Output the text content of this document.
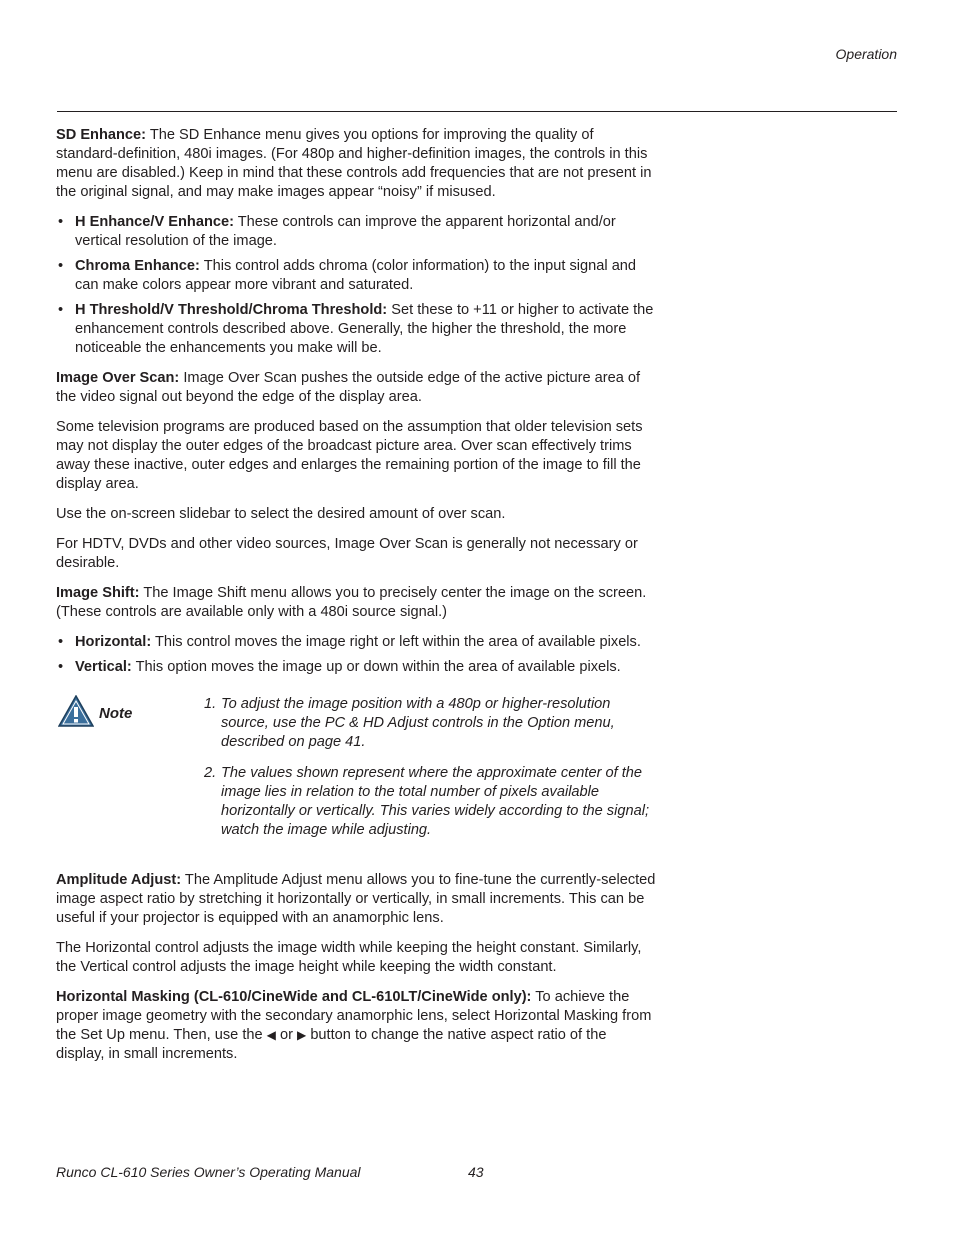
Operation

SD Enhance: The SD Enhance menu gives you options for improving the quality of standard-definition, 480i images. (For 480p and higher-definition images, the controls in this menu are disabled.) Keep in mind that these controls add frequencies that are not present in the original signal, and may make images appear “noisy” if misused.

• H Enhance/V Enhance: These controls can improve the apparent horizontal and/or vertical resolution of the image.
• Chroma Enhance: This control adds chroma (color information) to the input signal and can make colors appear more vibrant and saturated.
• H Threshold/V Threshold/Chroma Threshold: Set these to +11 or higher to activate the enhancement controls described above. Generally, the higher the threshold, the more noticeable the enhancements you make will be.

Image Over Scan: Image Over Scan pushes the outside edge of the active picture area of the video signal out beyond the edge of the display area.

Some television programs are produced based on the assumption that older television sets may not display the outer edges of the broadcast picture area. Over scan effectively trims away these inactive, outer edges and enlarges the remaining portion of the image to fill the display area.

Use the on-screen slidebar to select the desired amount of over scan.

For HDTV, DVDs and other video sources, Image Over Scan is generally not necessary or desirable.

Image Shift: The Image Shift menu allows you to precisely center the image on the screen. (These controls are available only with a 480i source signal.)

• Horizontal: This control moves the image right or left within the area of available pixels.
• Vertical: This option moves the image up or down within the area of available pixels.
Note
1. To adjust the image position with a 480p or higher-resolution source, use the PC & HD Adjust controls in the Option menu, described on page 41.
2. The values shown represent where the approximate center of the image lies in relation to the total number of pixels available horizontally or vertically. This varies widely according to the signal; watch the image while adjusting.

Amplitude Adjust: The Amplitude Adjust menu allows you to fine-tune the currently-selected image aspect ratio by stretching it horizontally or vertically, in small increments. This can be useful if your projector is equipped with an anamorphic lens.

The Horizontal control adjusts the image width while keeping the height constant. Similarly, the Vertical control adjusts the image height while keeping the width constant.

Horizontal Masking (CL-610/CineWide and CL-610LT/CineWide only): To achieve the proper image geometry with the secondary anamorphic lens, select Horizontal Masking from the Set Up menu. Then, use the ◀ or ▶ button to change the native aspect ratio of the display, in small increments.

Runco CL-610 Series Owner’s Operating Manual	43
